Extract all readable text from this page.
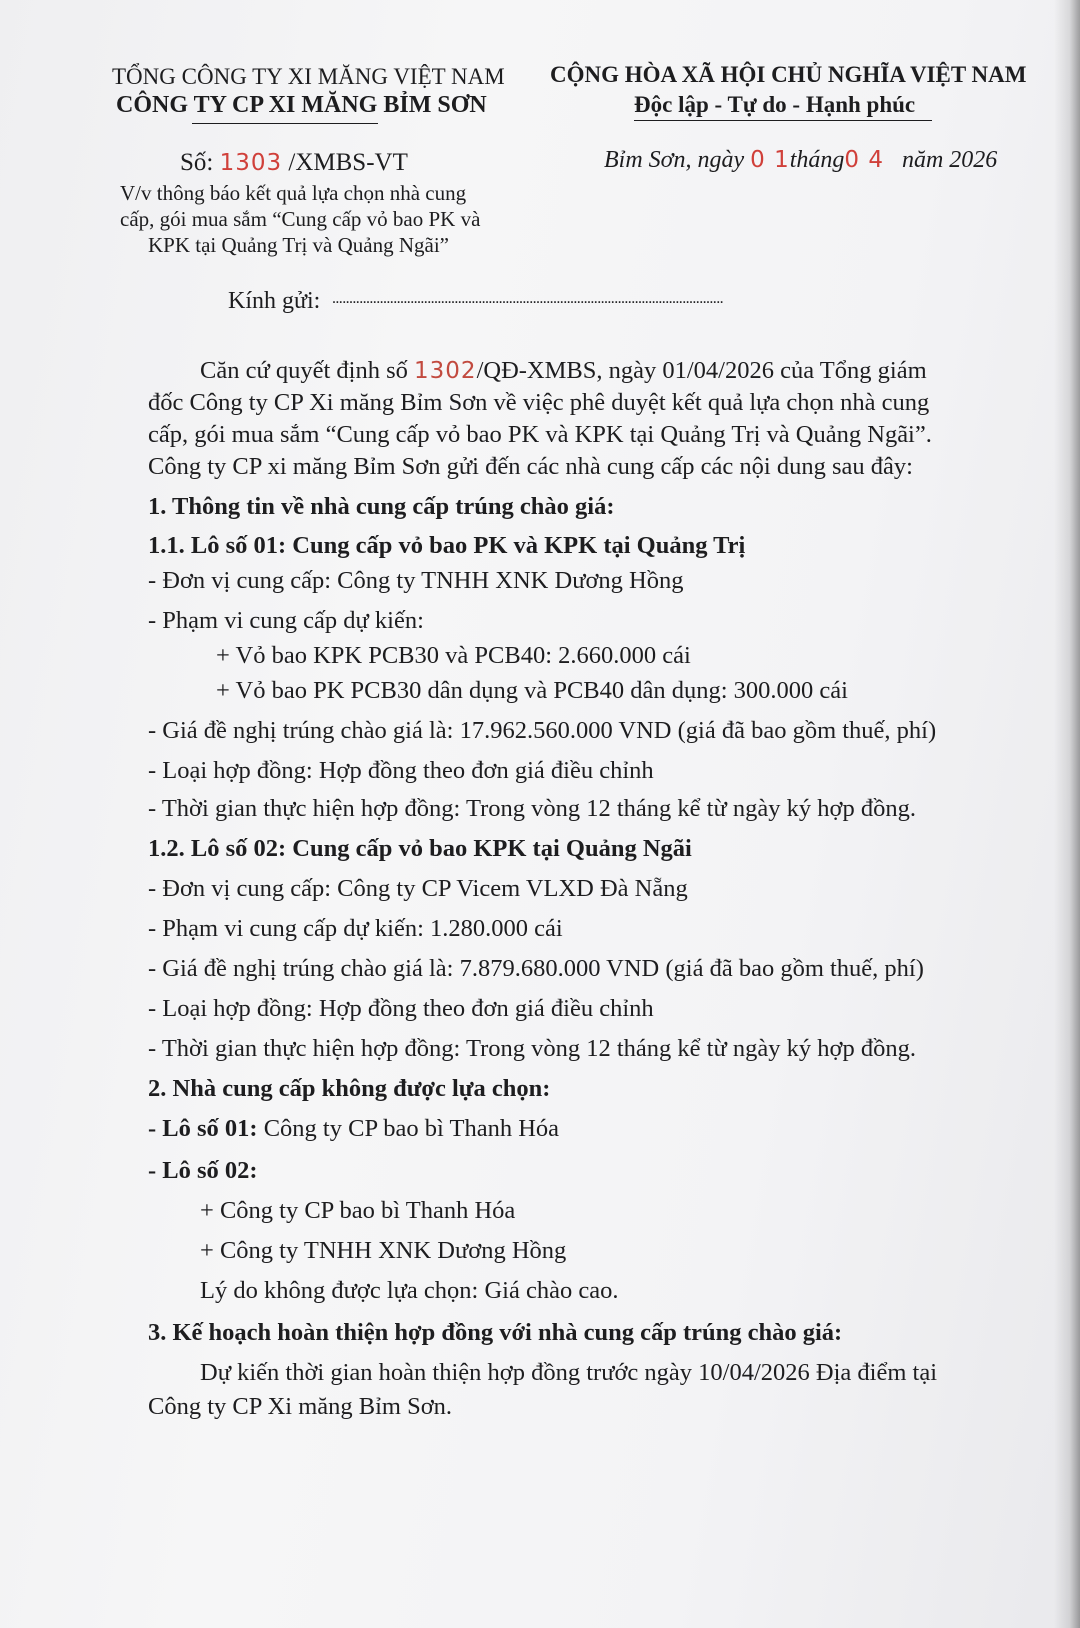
TỔNG CÔNG TY XI MĂNG VIỆT NAM
CÔNG TY CP XI MĂNG BỈM SƠN
CỘNG HÒA XÃ HỘI CHỦ NGHĨA VIỆT NAM
Độc lập - Tự do - Hạnh phúc
Số: 1303 /XMBS-VT	Bỉm Sơn, ngày 0 1tháng0 4 năm 2026
V/v thông báo kết quả lựa chọn nhà cung
cấp, gói mua sắm “Cung cấp vỏ bao PK và
KPK tại Quảng Trị và Quảng Ngãi”
Kính gửi: ...................................................................................................................
Căn cứ quyết định số 1302/QĐ-XMBS, ngày 01/04/2026 của Tổng giám
đốc Công ty CP Xi măng Bỉm Sơn về việc phê duyệt kết quả lựa chọn nhà cung
cấp, gói mua sắm “Cung cấp vỏ bao PK và KPK tại Quảng Trị và Quảng Ngãi”.
Công ty CP xi măng Bỉm Sơn gửi đến các nhà cung cấp các nội dung sau đây:
1. Thông tin về nhà cung cấp trúng chào giá:
1.1. Lô số 01: Cung cấp vỏ bao PK và KPK tại Quảng Trị
- Đơn vị cung cấp: Công ty TNHH XNK Dương Hồng
- Phạm vi cung cấp dự kiến:
+ Vỏ bao KPK PCB30 và PCB40: 2.660.000 cái
+ Vỏ bao PK PCB30 dân dụng và PCB40 dân dụng: 300.000 cái
- Giá đề nghị trúng chào giá là: 17.962.560.000 VND (giá đã bao gồm thuế, phí)
- Loại hợp đồng: Hợp đồng theo đơn giá điều chỉnh
- Thời gian thực hiện hợp đồng: Trong vòng 12 tháng kể từ ngày ký hợp đồng.
1.2. Lô số 02: Cung cấp vỏ bao KPK tại Quảng Ngãi
- Đơn vị cung cấp: Công ty CP Vicem VLXD Đà Nẵng
- Phạm vi cung cấp dự kiến: 1.280.000 cái
- Giá đề nghị trúng chào giá là: 7.879.680.000 VND (giá đã bao gồm thuế, phí)
- Loại hợp đồng: Hợp đồng theo đơn giá điều chỉnh
- Thời gian thực hiện hợp đồng: Trong vòng 12 tháng kể từ ngày ký hợp đồng.
2. Nhà cung cấp không được lựa chọn:
- Lô số 01: Công ty CP bao bì Thanh Hóa
- Lô số 02:
+ Công ty CP bao bì Thanh Hóa
+ Công ty TNHH XNK Dương Hồng
Lý do không được lựa chọn: Giá chào cao.
3. Kế hoạch hoàn thiện hợp đồng với nhà cung cấp trúng chào giá:
Dự kiến thời gian hoàn thiện hợp đồng trước ngày 10/04/2026 Địa điểm tại
Công ty CP Xi măng Bỉm Sơn.
